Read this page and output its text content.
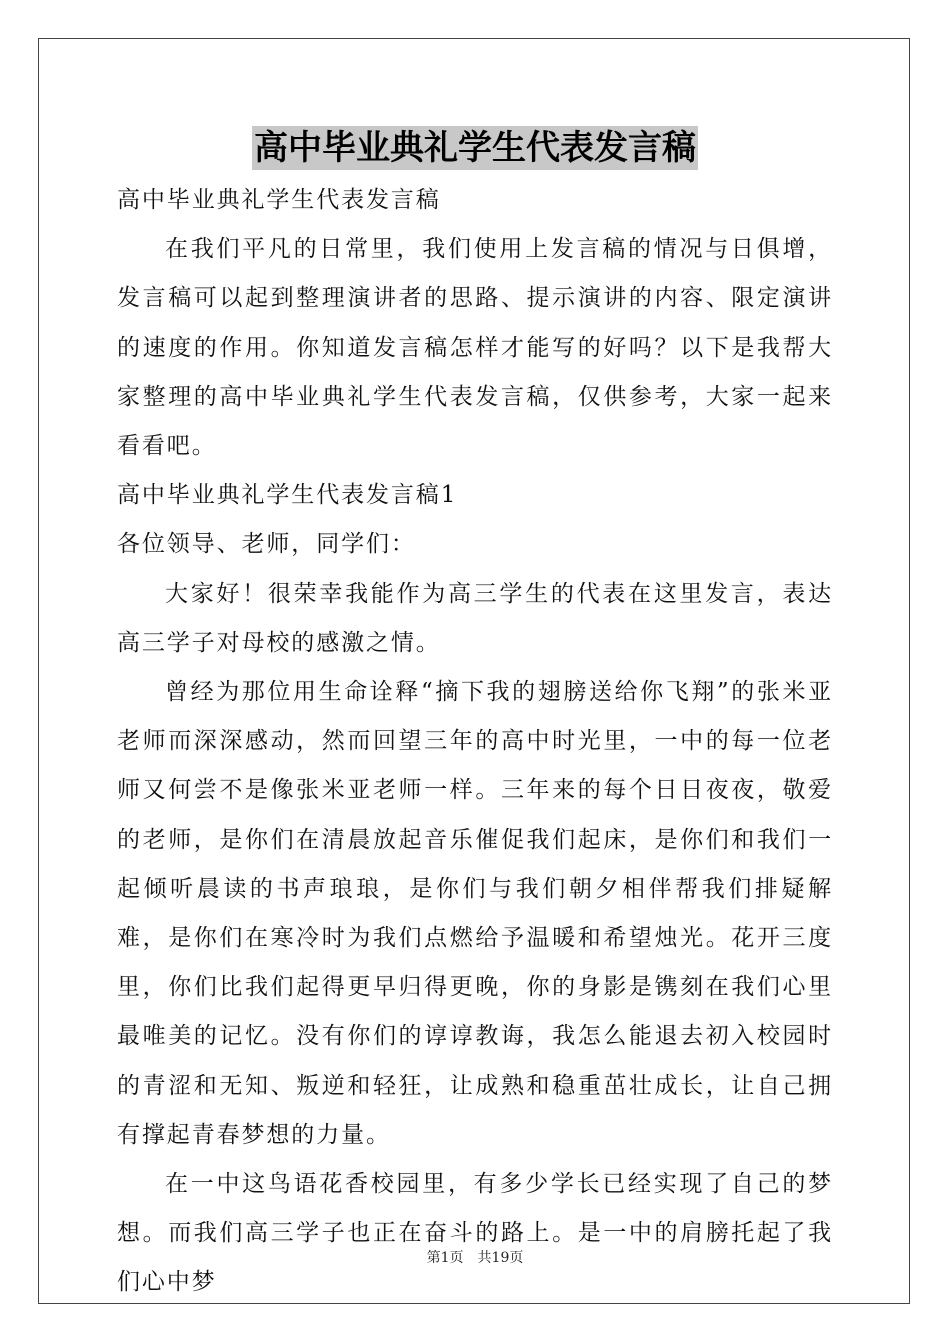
高中毕业典礼学生代表发言稿

高中毕业典礼学生代表发言稿

在我们平凡的日常里，我们使用上发言稿的情况与日俱增，发言稿可以起到整理演讲者的思路、提示演讲的内容、限定演讲的速度的作用。你知道发言稿怎样才能写的好吗？以下是我帮大家整理的高中毕业典礼学生代表发言稿，仅供参考，大家一起来看看吧。

高中毕业典礼学生代表发言稿1

各位领导、老师，同学们：

大家好！很荣幸我能作为高三学生的代表在这里发言，表达高三学子对母校的感激之情。

曾经为那位用生命诠释“摘下我的翅膀送给你飞翔”的张米亚老师而深深感动，然而回望三年的高中时光里，一中的每一位老师又何尝不是像张米亚老师一样。三年来的每个日日夜夜，敬爱的老师，是你们在清晨放起音乐催促我们起床，是你们和我们一起倾听晨读的书声琅琅，是你们与我们朝夕相伴帮我们排疑解难，是你们在寒冷时为我们点燃给予温暖和希望烛光。花开三度里，你们比我们起得更早归得更晚，你的身影是镌刻在我们心里最唯美的记忆。没有你们的谆谆教诲，我怎么能退去初入校园时的青涩和无知、叛逆和轻狂，让成熟和稳重茁壮成长，让自己拥有撑起青春梦想的力量。

在一中这鸟语花香校园里，有多少学长已经实现了自己的梦想。而我们高三学子也正在奋斗的路上。是一中的肩膀托起了我们心中梦

第1页 共19页
